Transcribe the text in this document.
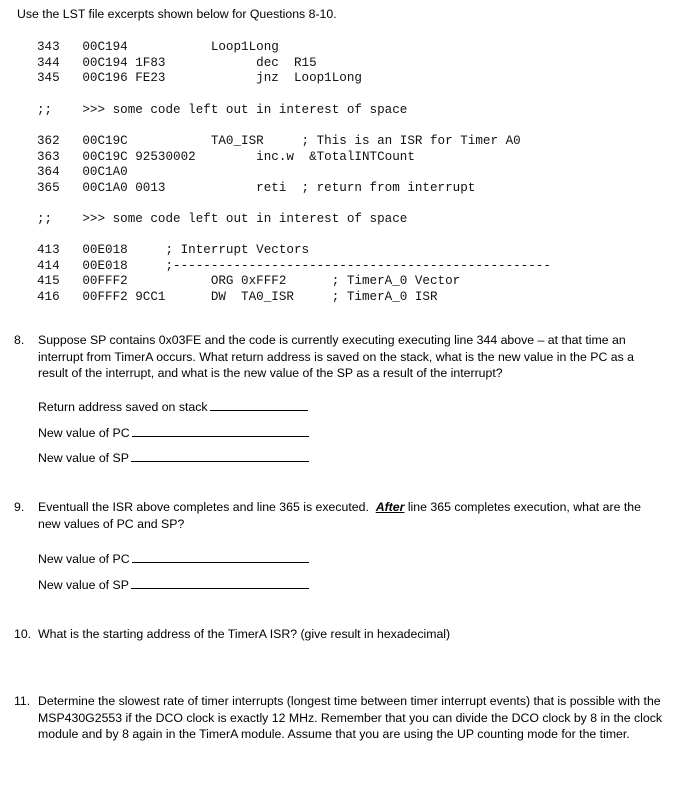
Use the LST file excerpts shown below for Questions 8-10.
343   00C194           Loop1Long
344   00C194 1F83            dec  R15
345   00C196 FE23            jnz  Loop1Long
;;    >>> some code left out in interest of space
362   00C19C           TA0_ISR     ; This is an ISR for Timer A0
363   00C19C 92530002        inc.w  &TotalINTCount
364   00C1A0
365   00C1A0 0013            reti  ; return from interrupt
;;    >>> some code left out in interest of space
413   00E018     ; Interrupt Vectors
414   00E018     ;--------------------------------------------------
415   00FFF2           ORG 0xFFF2      ; TimerA_0 Vector
416   00FFF2 9CC1      DW  TA0_ISR     ; TimerA_0 ISR
8. Suppose SP contains 0x03FE and the code is currently executing executing line 344 above – at that time an interrupt from TimerA occurs. What return address is saved on the stack, what is the new value in the PC as a result of the interrupt, and what is the new value of the SP as a result of the interrupt?
Return address saved on stack
New value of PC
New value of SP
9. Eventuall the ISR above completes and line 365 is executed. After line 365 completes execution, what are the new values of PC and SP?
New value of PC
New value of SP
10. What is the starting address of the TimerA ISR? (give result in hexadecimal)
11. Determine the slowest rate of timer interrupts (longest time between timer interrupt events) that is possible with the MSP430G2553 if the DCO clock is exactly 12 MHz. Remember that you can divide the DCO clock by 8 in the clock module and by 8 again in the TimerA module. Assume that you are using the UP counting mode for the timer.
